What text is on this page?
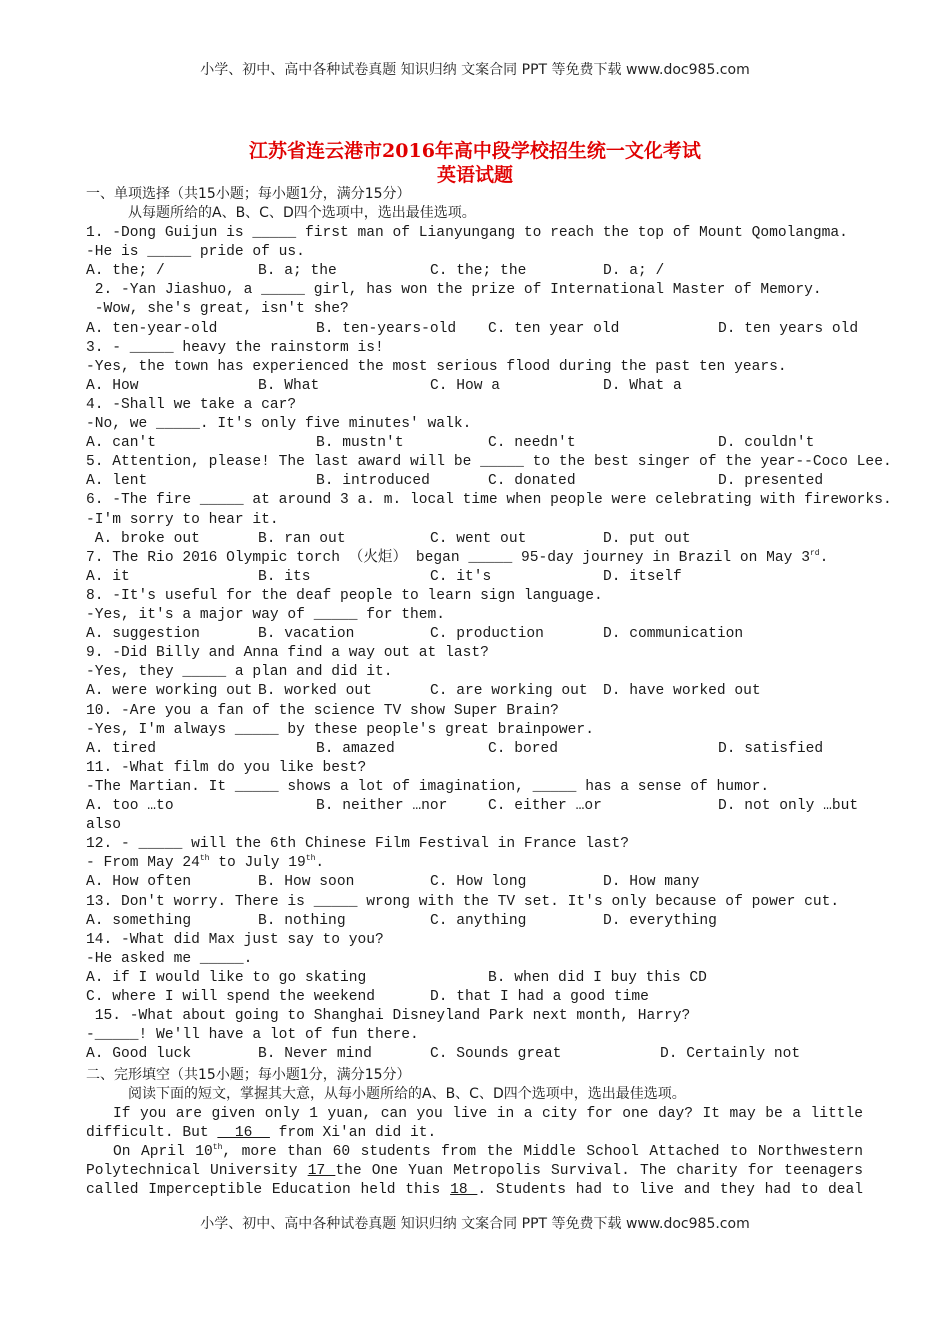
小学、初中、高中各种试卷真题 知识归纳 文案合同 PPT 等免费下载 www.doc985.com
江苏省连云港市2016年高中段学校招生统一文化考试
英语试题
一、单项选择（共15小题；每小题1分，满分15分）
从每题所给的A、B、C、D四个选项中，选出最佳选项。
1. -Dong Guijun is _____ first man of Lianyungang to reach the top of Mount Qomolangma.
-He is _____ pride of us.
A. the; /	B. a; the	C. the; the	D. a; /
2. -Yan Jiashuo, a _____ girl, has won the prize of International Master of Memory.
-Wow, she's great, isn't she?
A. ten-year-old	B. ten-years-old C. ten year old	D. ten years old
3. - _____ heavy the rainstorm is!
-Yes, the town has experienced the most serious flood during the past ten years.
A. How	B. What	C. How a	D. What a
4. -Shall we take a car?
-No, we _____. It's only five minutes' walk.
A. can't	B. mustn't	C. needn't	D. couldn't
5. Attention, please! The last award will be _____ to the best singer of the year--Coco Lee.
A. lent	B. introduced	C. donated	D. presented
6. -The fire _____ at around 3 a. m. local time when people were celebrating with fireworks.
-I'm sorry to hear it.
A. broke out	B. ran out	C. went out	D. put out
7. The Rio 2016 Olympic torch （火炬） began _____ 95-day journey in Brazil on May 3rd.
A. it	B. its	C. it's	D. itself
8. -It's useful for the deaf people to learn sign language.
-Yes, it's a major way of _____ for them.
A. suggestion	B. vacation	C. production	D. communication
9. -Did Billy and Anna find a way out at last?
-Yes, they _____ a plan and did it.
A. were working out B. worked out	C. are working out D. have worked out
10. -Are you a fan of the science TV show Super Brain?
-Yes, I'm always _____ by these people's great brainpower.
A. tired	B. amazed	C. bored	D. satisfied
11. -What film do you like best?
-The Martian. It _____ shows a lot of imagination, _____ has a sense of humor.
A. too …to	B. neither …nor	C. either …or	D. not only …but
also
12. - _____ will the 6th Chinese Film Festival in France last?
- From May 24th to July 19th.
A. How often	B. How soon	C. How long	D. How many
13. Don't worry. There is _____ wrong with the TV set. It's only because of power cut.
A. something	B. nothing	C. anything	D. everything
14. -What did Max just say to you?
-He asked me _____.
A. if I would like to go skating	B. when did I buy this CD
C. where I will spend the weekend	D. that I had a good time
15. -What about going to Shanghai Disneyland Park next month, Harry?
-_____! We'll have a lot of fun there.
A. Good luck	B. Never mind	C. Sounds great	D. Certainly not
二、完形填空（共15小题；每小题1分，满分15分）
阅读下面的短文，掌握其大意，从每小题所给的A、B、C、D四个选项中，选出最佳选项。
If you are given only 1 yuan, can you live in a city for one day? It may be a little
difficult. But   16   from Xi'an did it.
On April 10th, more than 60 students from the Middle School Attached to Northwestern
Polytechnical University 17 the One Yuan Metropolis Survival. The charity for teenagers
called Imperceptible Education held this 18 . Students had to live and they had to deal
小学、初中、高中各种试卷真题 知识归纳 文案合同 PPT 等免费下载 www.doc985.com
